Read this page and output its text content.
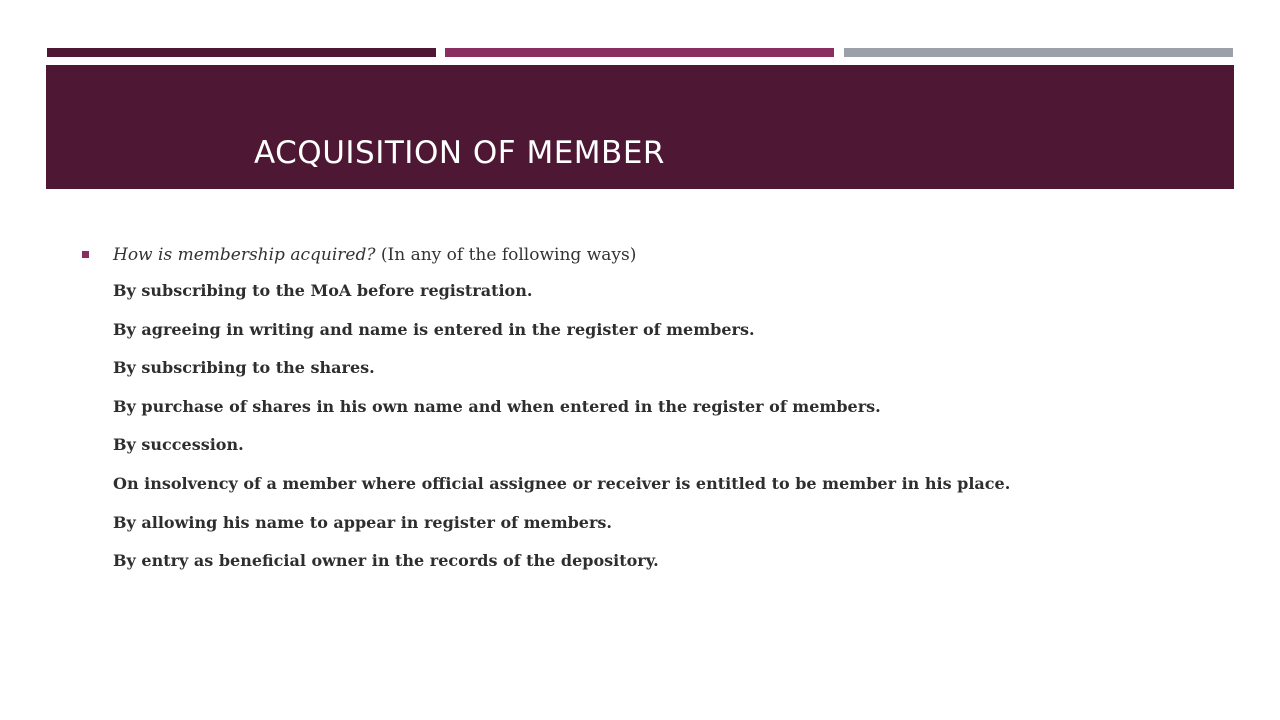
ACQUISITION OF MEMBER
How is membership acquired? (In any of the following ways)
By subscribing to the MoA before registration.
By agreeing in writing and name is entered in the register of members.
By subscribing to the shares.
By purchase of shares in his own name and when entered in the register of members.
By succession.
On insolvency of a member where official assignee or receiver is entitled to be member in his place.
By allowing his name to appear in register of members.
By entry as beneficial owner in the records of the depository.
